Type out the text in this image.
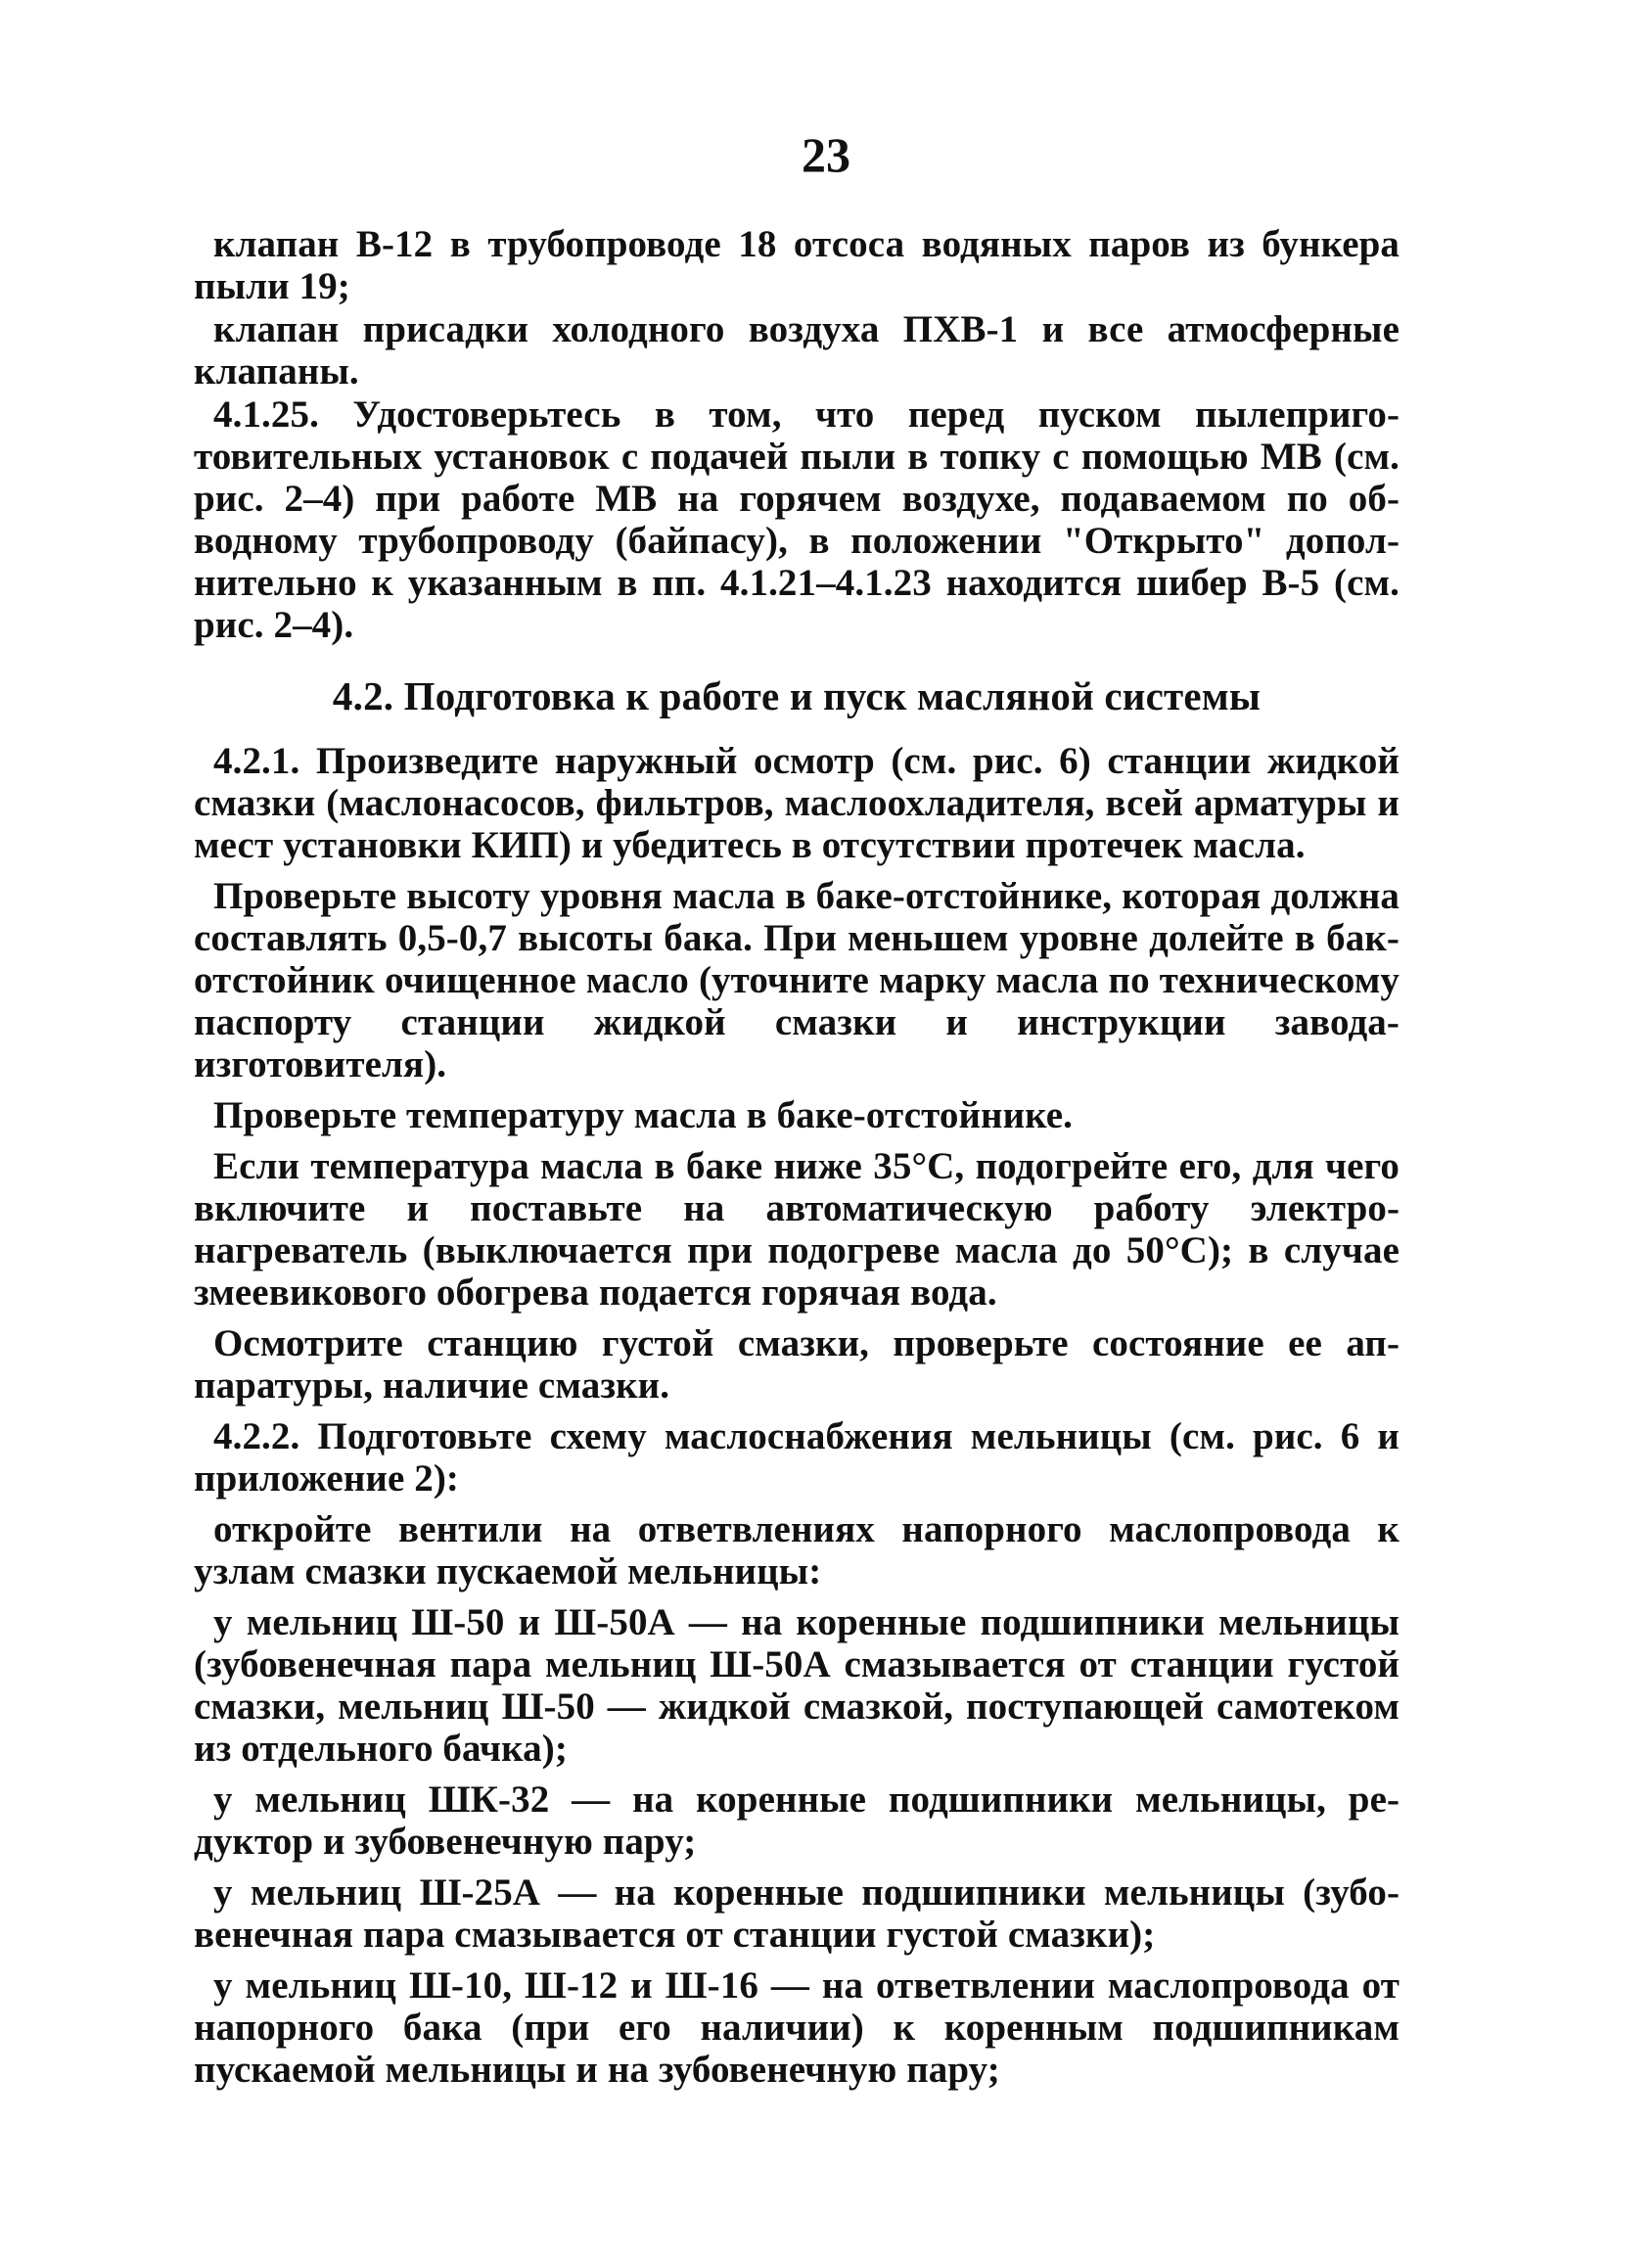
23

клапан В-12 в трубопроводе 18 отсоса водяных паров из бункера пыли 19;

клапан присадки холодного воздуха ПХВ-1 и все атмосферные клапаны.

4.1.25. Удостоверьтесь в том, что перед пуском пылеприготовительных установок с подачей пыли в топку с помощью МВ (см. рис. 2–4) при работе МВ на горячем воздухе, подаваемом по обводному трубопроводу (байпасу), в положении "Открыто" дополнительно к указанным в пп. 4.1.21–4.1.23 находится шибер В-5 (см. рис. 2–4).

4.2. Подготовка к работе и пуск масляной системы

4.2.1. Произведите наружный осмотр (см. рис. 6) станции жидкой смазки (маслонасосов, фильтров, маслоохладителя, всей арматуры и мест установки КИП) и убедитесь в отсутствии протечек масла.

Проверьте высоту уровня масла в баке-отстойнике, которая должна составлять 0,5-0,7 высоты бака. При меньшем уровне долейте в бак-отстойник очищенное масло (уточните марку масла по техническому паспорту станции жидкой смазки и инструкции завода-изготовителя).

Проверьте температуру масла в баке-отстойнике.

Если температура масла в баке ниже 35°С, подогрейте его, для чего включите и поставьте на автоматическую работу электронагреватель (выключается при подогреве масла до 50°С); в случае змеевикового обогрева подается горячая вода.

Осмотрите станцию густой смазки, проверьте состояние ее аппаратуры, наличие смазки.

4.2.2. Подготовьте схему маслоснабжения мельницы (см. рис. 6 и приложение 2):

откройте вентили на ответвлениях напорного маслопровода к узлам смазки пускаемой мельницы:

у мельниц Ш-50 и Ш-50А — на коренные подшипники мельницы (зубовенечная пара мельниц Ш-50А смазывается от станции густой смазки, мельниц Ш-50 — жидкой смазкой, поступающей самотеком из отдельного бачка);

у мельниц ШК-32 — на коренные подшипники мельницы, редуктор и зубовенечную пару;

у мельниц Ш-25А — на коренные подшипники мельницы (зубовенечная пара смазывается от станции густой смазки);

у мельниц Ш-10, Ш-12 и Ш-16 — на ответвлении маслопровода от напорного бака (при его наличии) к коренным подшипникам пускаемой мельницы и на зубовенечную пару;
